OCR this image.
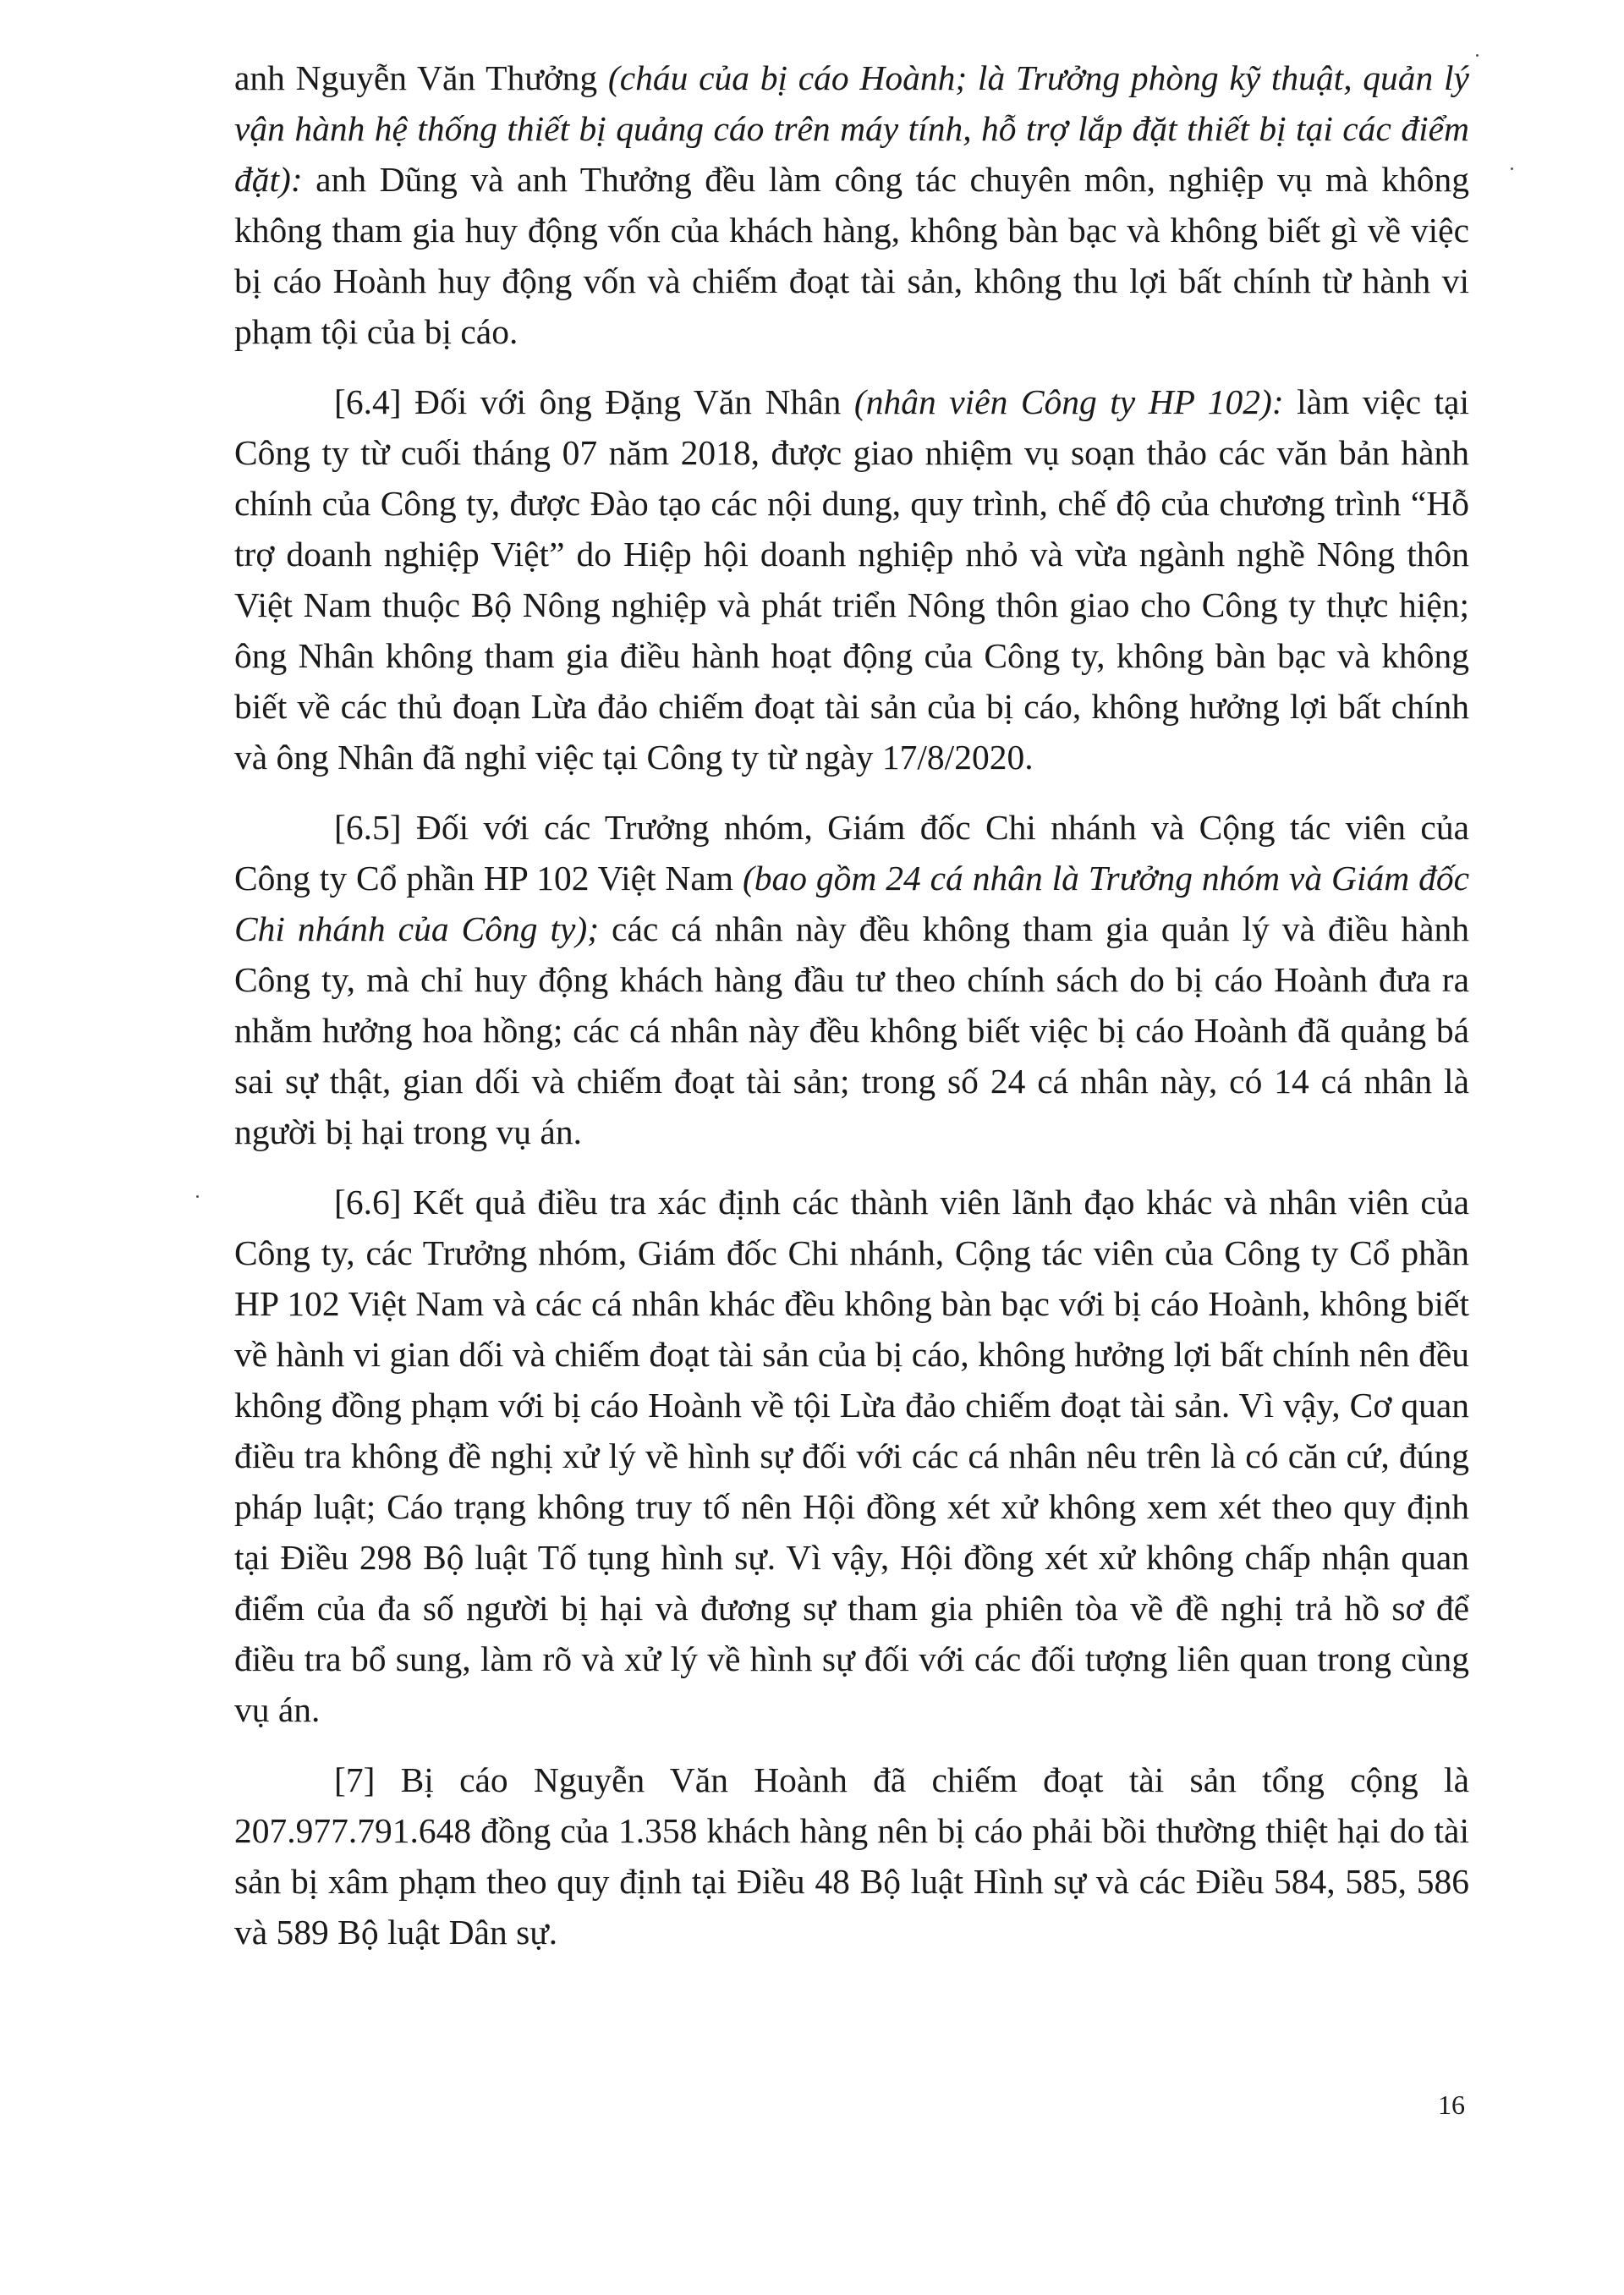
anh Nguyễn Văn Thưởng (cháu của bị cáo Hoành; là Trưởng phòng kỹ thuật, quản lý vận hành hệ thống thiết bị quảng cáo trên máy tính, hỗ trợ lắp đặt thiết bị tại các điểm đặt): anh Dũng và anh Thưởng đều làm công tác chuyên môn, nghiệp vụ mà không không tham gia huy động vốn của khách hàng, không bàn bạc và không biết gì về việc bị cáo Hoành huy động vốn và chiếm đoạt tài sản, không thu lợi bất chính từ hành vi phạm tội của bị cáo.

[6.4] Đối với ông Đặng Văn Nhân (nhân viên Công ty HP 102): làm việc tại Công ty từ cuối tháng 07 năm 2018, được giao nhiệm vụ soạn thảo các văn bản hành chính của Công ty, được Đào tạo các nội dung, quy trình, chế độ của chương trình “Hỗ trợ doanh nghiệp Việt” do Hiệp hội doanh nghiệp nhỏ và vừa ngành nghề Nông thôn Việt Nam thuộc Bộ Nông nghiệp và phát triển Nông thôn giao cho Công ty thực hiện; ông Nhân không tham gia điều hành hoạt động của Công ty, không bàn bạc và không biết về các thủ đoạn Lừa đảo chiếm đoạt tài sản của bị cáo, không hưởng lợi bất chính và ông Nhân đã nghỉ việc tại Công ty từ ngày 17/8/2020.

[6.5] Đối với các Trưởng nhóm, Giám đốc Chi nhánh và Cộng tác viên của Công ty Cổ phần HP 102 Việt Nam (bao gồm 24 cá nhân là Trưởng nhóm và Giám đốc Chi nhánh của Công ty); các cá nhân này đều không tham gia quản lý và điều hành Công ty, mà chỉ huy động khách hàng đầu tư theo chính sách do bị cáo Hoành đưa ra nhằm hưởng hoa hồng; các cá nhân này đều không biết việc bị cáo Hoành đã quảng bá sai sự thật, gian dối và chiếm đoạt tài sản; trong số 24 cá nhân này, có 14 cá nhân là người bị hại trong vụ án.

[6.6] Kết quả điều tra xác định các thành viên lãnh đạo khác và nhân viên của Công ty, các Trưởng nhóm, Giám đốc Chi nhánh, Cộng tác viên của Công ty Cổ phần HP 102 Việt Nam và các cá nhân khác đều không bàn bạc với bị cáo Hoành, không biết về hành vi gian dối và chiếm đoạt tài sản của bị cáo, không hưởng lợi bất chính nên đều không đồng phạm với bị cáo Hoành về tội Lừa đảo chiếm đoạt tài sản. Vì vậy, Cơ quan điều tra không đề nghị xử lý về hình sự đối với các cá nhân nêu trên là có căn cứ, đúng pháp luật; Cáo trạng không truy tố nên Hội đồng xét xử không xem xét theo quy định tại Điều 298 Bộ luật Tố tụng hình sự. Vì vậy, Hội đồng xét xử không chấp nhận quan điểm của đa số người bị hại và đương sự tham gia phiên tòa về đề nghị trả hồ sơ để điều tra bổ sung, làm rõ và xử lý về hình sự đối với các đối tượng liên quan trong cùng vụ án.

[7] Bị cáo Nguyễn Văn Hoành đã chiếm đoạt tài sản tổng cộng là 207.977.791.648 đồng của 1.358 khách hàng nên bị cáo phải bồi thường thiệt hại do tài sản bị xâm phạm theo quy định tại Điều 48 Bộ luật Hình sự và các Điều 584, 585, 586 và 589 Bộ luật Dân sự.

16
